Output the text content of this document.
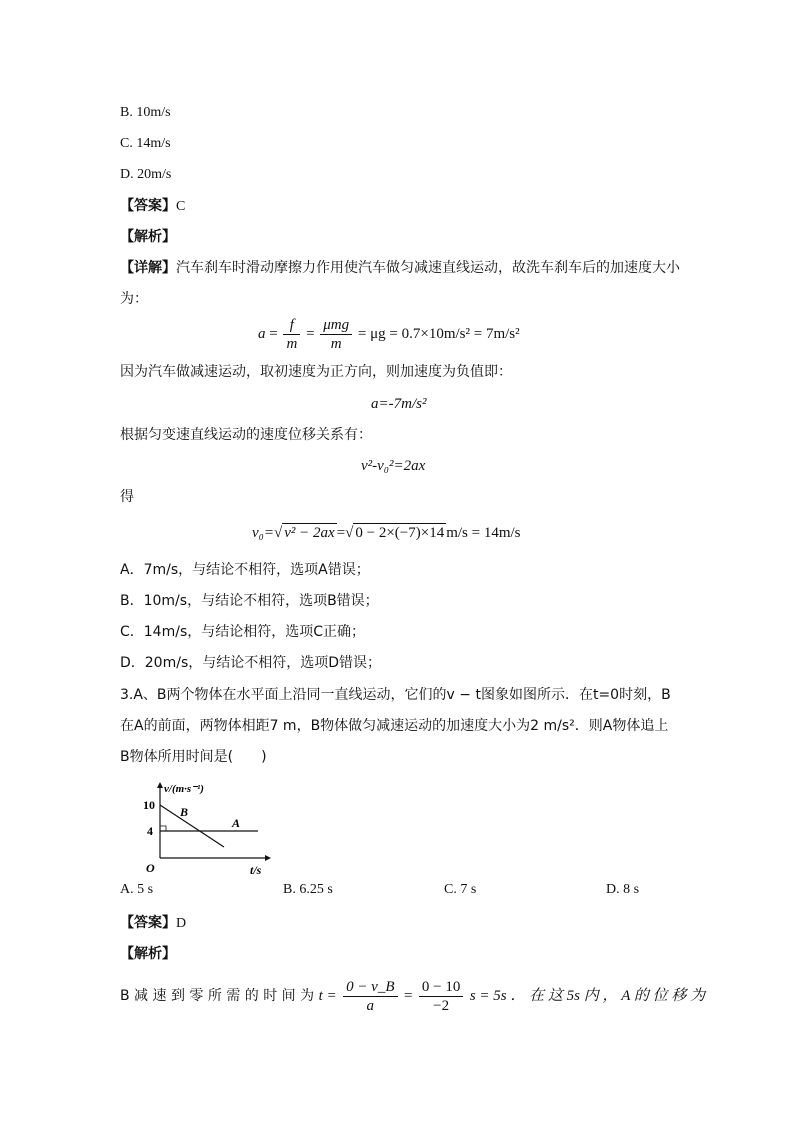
B. 10m/s
C. 14m/s
D. 20m/s
【答案】C
【解析】
【详解】汽车刹车时滑动摩擦力作用使汽车做匀减速直线运动，故洗车刹车后的加速度大小
为：
$a = \frac{f}{m} = \frac{\text{μmg}}{m} = \mu g = 0.7\times 10m/s^2 = 7m/s^2$
因为汽车做减速运动，取初速度为正方向，则加速度为负值即：
a=-7m/s²
根据匀变速直线运动的速度位移关系有：
v²-v₀²=2ax
得
v₀=√ v² − 2ax =√ 0 − 2×(−7)×14 m/s = 14m/s
A．7m/s，与结论不相符，选项A错误；
B．10m/s，与结论不相符，选项B错误；
C．14m/s，与结论相符，选项C正确；
D．20m/s，与结论不相符，选项D错误；
3.A、B两个物体在水平面上沿同一直线运动，它们的v − t图象如图所示．在t=0时刻，B
在A的前面，两物体相距7 m，B物体做匀减速运动的加速度大小为2 m/s²．则A物体追上
B物体所用时间是(　　)
v/(m·s⁻¹)
t/s
O
10
4
A
B
A. 5 s	B. 6.25 s	C. 7 s	D. 8 s
【答案】D
【解析】
B 减 速 到 零 所 需 的 时 间 为 $t = \frac{0 - v\_B}{a} = \frac{0 - 10}{-2}$ s = 5s ． 在 这 5s 内 ， A 的 位 移 为
